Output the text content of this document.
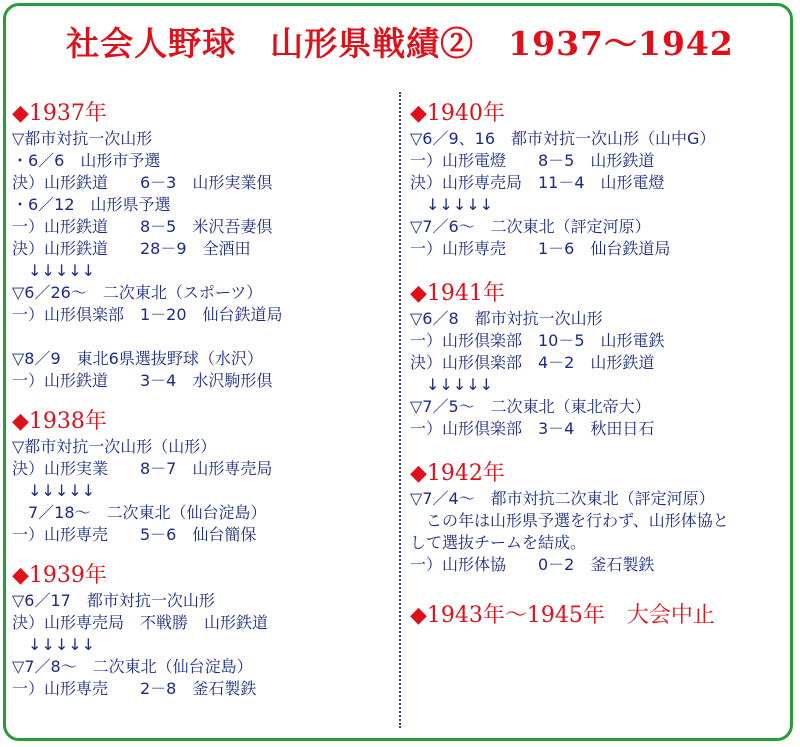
社会人野球　山形県戦績②　1937〜1942
◆1937年
▽都市対抗一次山形
・6／6　山形市予選
決）山形鉄道　　6－3　山形実業倶
・6／12　山形県予選
一）山形鉄道　　8－5　米沢吾妻倶
決）山形鉄道　　28－9　全酒田
　↓↓↓↓↓
▽6／26〜　二次東北（スポーツ）
一）山形倶楽部　1－20　仙台鉄道局
▽8／9　東北6県選抜野球（水沢）
一）山形鉄道　　3－4　水沢駒形倶
◆1938年
▽都市対抗一次山形（山形）
決）山形実業　　8－7　山形専売局
　↓↓↓↓↓
　7／18〜　二次東北（仙台淀島）
一）山形専売　　5－6　仙台簡保
◆1939年
▽6／17　都市対抗一次山形
決）山形専売局　不戦勝　山形鉄道
　↓↓↓↓↓
▽7／8〜　二次東北（仙台淀島）
一）山形専売　　2－8　釜石製鉄
◆1940年
▽6／9、16　都市対抗一次山形（山中G）
一）山形電燈　　8－5　山形鉄道
決）山形専売局　11－4　山形電燈
　↓↓↓↓↓
▽7／6〜　二次東北（評定河原）
一）山形専売　　1－6　仙台鉄道局
◆1941年
▽6／8　都市対抗一次山形
一）山形倶楽部　10－5　山形電鉄
決）山形倶楽部　4－2　山形鉄道
　↓↓↓↓↓
▽7／5〜　二次東北（東北帝大）
一）山形倶楽部　3－4　秋田日石
◆1942年
▽7／4〜　都市対抗二次東北（評定河原）
　この年は山形県予選を行わず、山形体協と
して選抜チームを結成。
一）山形体協　　0－2　釜石製鉄
◆1943年〜1945年　大会中止
